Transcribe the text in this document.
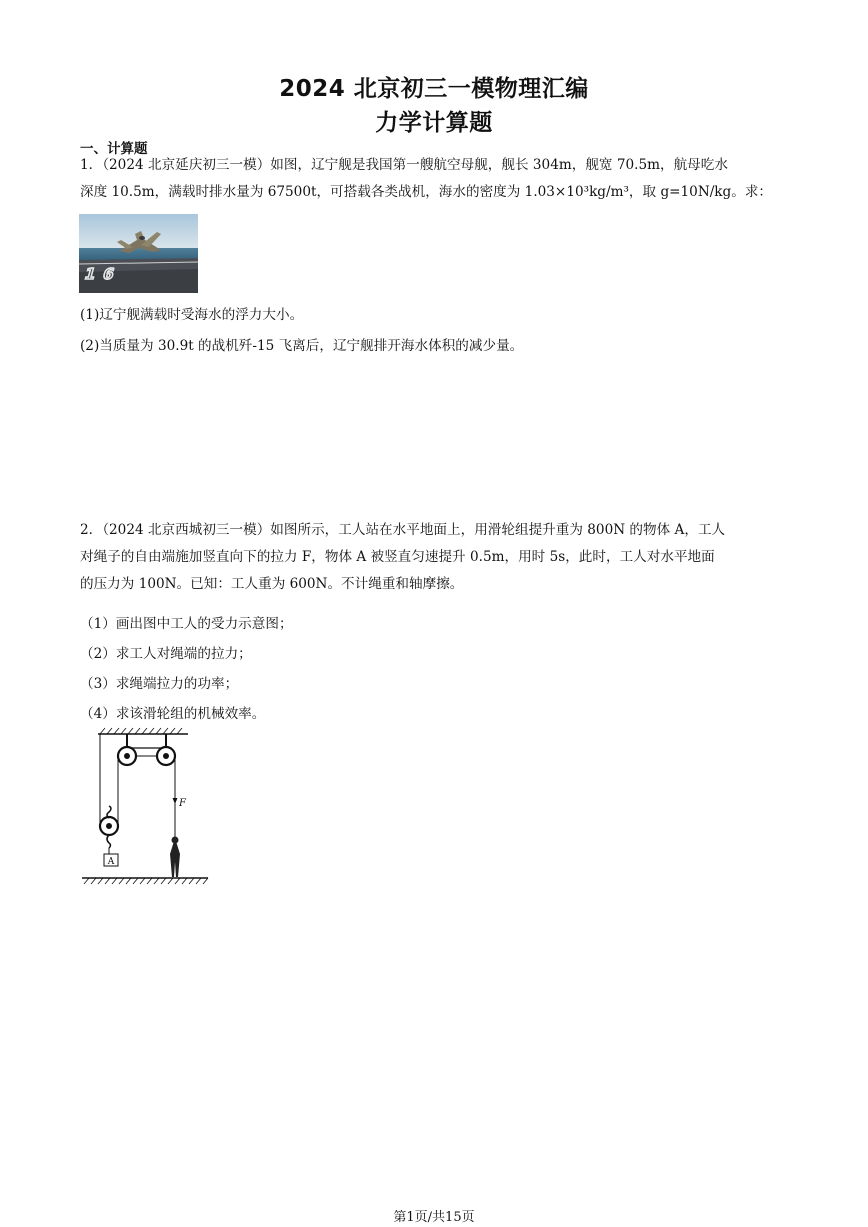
2024 北京初三一模物理汇编
力学计算题
一、计算题
1．（2024 北京延庆初三一模）如图，辽宁舰是我国第一艘航空母舰，舰长 304m，舰宽 70.5m，航母吃水
深度 10.5m，满载时排水量为 67500t，可搭载各类战机，海水的密度为 1.03×10³kg/m³，取 g=10N/kg。求：
16
(1)辽宁舰满载时受海水的浮力大小。
(2)当质量为 30.9t 的战机歼-15 飞离后，辽宁舰排开海水体积的减少量。
2．（2024 北京西城初三一模）如图所示，工人站在水平地面上，用滑轮组提升重为 800N 的物体 A，工人
对绳子的自由端施加竖直向下的拉力 F，物体 A 被竖直匀速提升 0.5m，用时 5s，此时，工人对水平地面
的压力为 100N。已知：工人重为 600N。不计绳重和轴摩擦。
（1）画出图中工人的受力示意图；
（2）求工人对绳端的拉力；
（3）求绳端拉力的功率；
（4）求该滑轮组的机械效率。
A
F
第1页/共15页
